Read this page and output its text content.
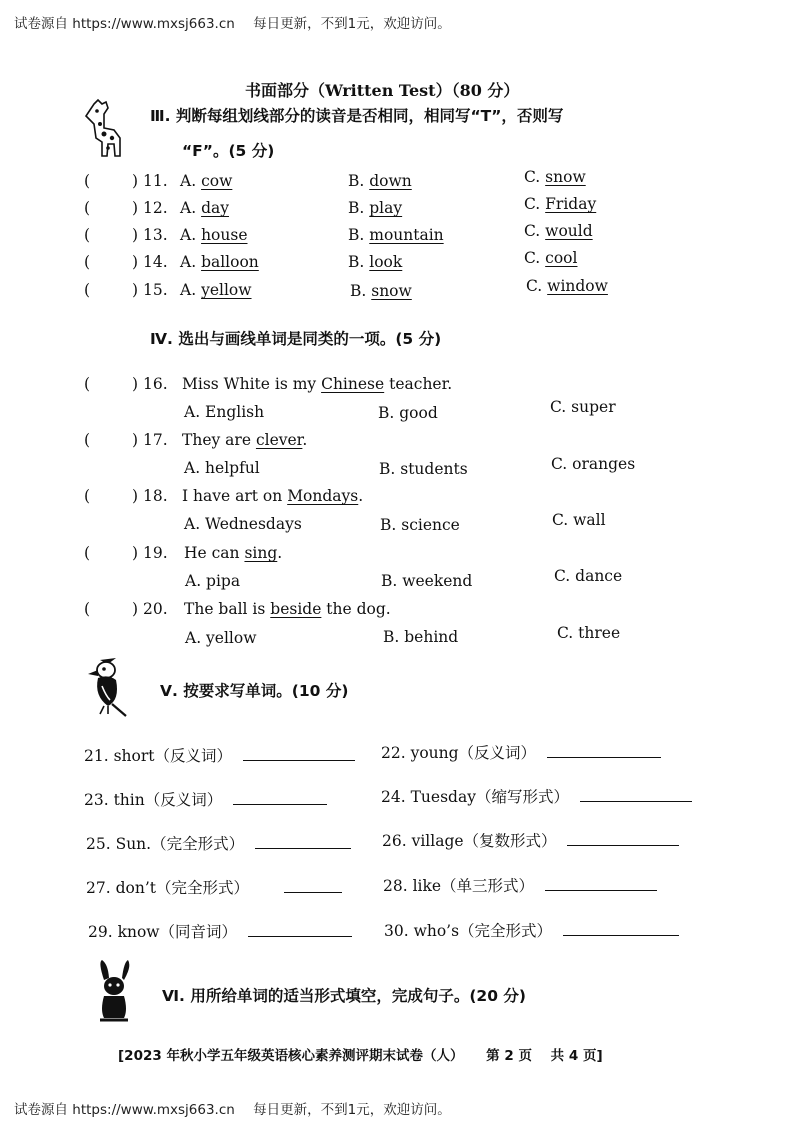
试卷源自 https://www.mxsj663.cn 每日更新，不到1元，欢迎访问。
书面部分（Written Test）（80 分）
Ⅲ. 判断每组划线部分的读音是否相同，相同写“T”，否则写
“F”。(5 分)
(	) 11. A. cow	B. down	C. snow
(	) 12. A. day	B. play	C. Friday
(	) 13. A. house	B. mountain	C. would
(	) 14. A. balloon	B. look	C. cool
(	) 15. A. yellow	B. snow	C. window
Ⅳ. 选出与画线单词是同类的一项。(5 分)
(	) 16. Miss White is my Chinese teacher.
A. English	B. good	C. super
(	) 17. They are clever.
A. helpful	B. students	C. oranges
(	) 18. I have art on Mondays.
A. Wednesdays	B. science	C. wall
(	) 19. He can sing.
A. pipa	B. weekend	C. dance
(	) 20. The ball is beside the dog.
A. yellow	B. behind	C. three
Ⅴ. 按要求写单词。(10 分)
21. short（反义词）	22. young（反义词）
23. thin（反义词）	24. Tuesday（缩写形式）
25. Sun.（完全形式）	26. village（复数形式）
27. don’t（完全形式）	28. like（单三形式）
29. know（同音词）	30. who’s（完全形式）
Ⅵ. 用所给单词的适当形式填空，完成句子。(20 分)
[2023 年秋小学五年级英语核心素养测评期末试卷（人） 第 2 页 共 4 页]
试卷源自 https://www.mxsj663.cn 每日更新，不到1元，欢迎访问。
